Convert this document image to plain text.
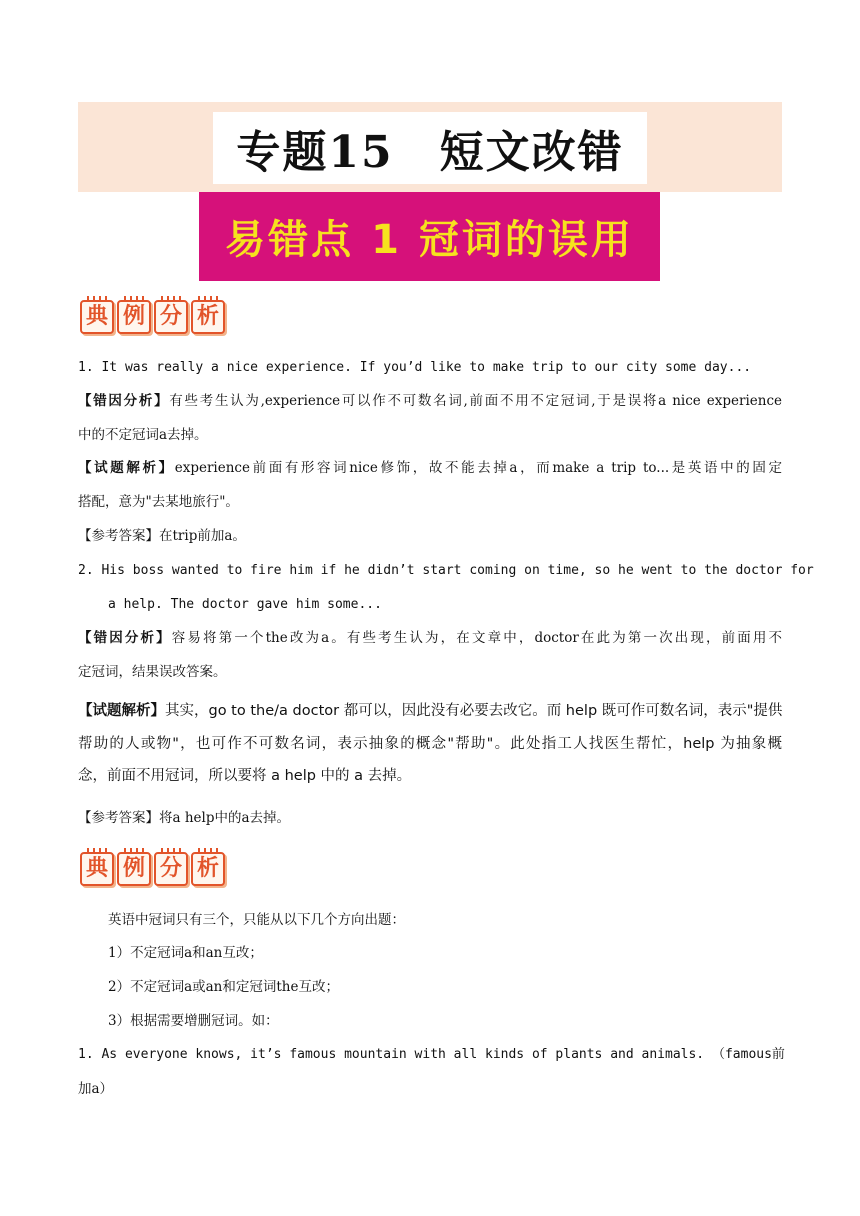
专题15　短文改错
易错点 1 冠词的误用
典 例 分 析
1. It was really a nice experience. If you’d like to make trip to our city some day...
【错因分析】有些考生认为,experience可以作不可数名词,前面不用不定冠词,于是误将a nice experience
中的不定冠词a去掉。
【试题解析】experience前面有形容词nice修饰，故不能去掉a，而make a trip to...是英语中的固定
搭配，意为"去某地旅行"。
【参考答案】在trip前加a。
2. His boss wanted to fire him if he didn’t start coming on time, so he went to the doctor for
a help. The doctor gave him some...
【错因分析】容易将第一个the改为a。有些考生认为，在文章中，doctor在此为第一次出现，前面用不
定冠词，结果误改答案。
【试题解析】其实，go to the/a doctor 都可以，因此没有必要去改它。而 help 既可作可数名词，表示"提供
帮助的人或物"，也可作不可数名词，表示抽象的概念"帮助"。此处指工人找医生帮忙，help 为抽象概
念，前面不用冠词，所以要将 a help 中的 a 去掉。
【参考答案】将a help中的a去掉。
典 例 分 析
英语中冠词只有三个，只能从以下几个方向出题：
1）不定冠词a和an互改；
2）不定冠词a或an和定冠词the互改；
3）根据需要增删冠词。如：
1. As everyone knows, it’s famous mountain with all kinds of plants and animals. （famous前
加a）
